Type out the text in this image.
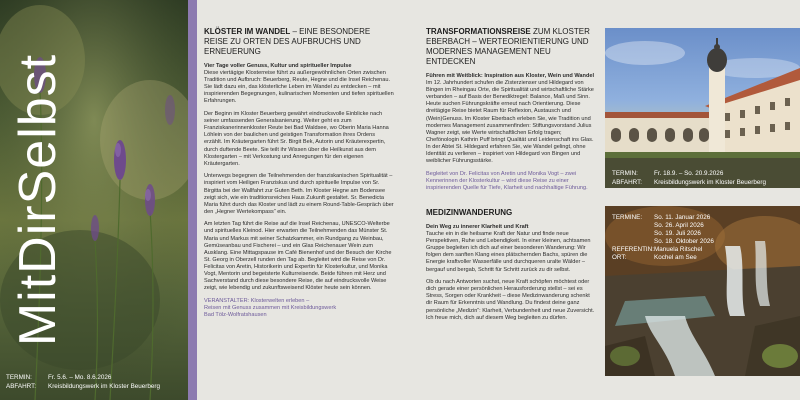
MitDirSelbst
TERMIN:	Fr. 5.6. – Mo. 8.6.2026
ABFAHRT: Kreisbildungswerk im Kloster Beuerberg
KLÖSTER IM WANDEL – EINE BESONDERE REISE ZU ORTEN DES AUFBRUCHS UND ERNEUERUNG

Vier Tage voller Genuss, Kultur und spiritueller Impulse

Diese viertägige Klosterreise führt zu außergewöhnlichen Orten zwischen Tradition und Aufbruch: Beuerberg, Reute, Hegne und die Insel Reichenau. Sie lädt dazu ein, das klösterliche Leben im Wandel zu entdecken – mit inspirierenden Begegnungen, kulinarischen Momenten und tiefen spirituellen Erfahrungen.

Der Beginn im Kloster Beuerberg gewährt eindrucksvolle Einblicke nach seiner umfassenden Generalsanierung. Weiter geht es zum Franziskanerinnenkloster Reute bei Bad Waldsee, wo Oberin Maria Hanna Löhlein von der baulichen und geistigen Transformation ihres Ordens erzählt. Im Kräutergarten führt Sr. Birgit Bek, Autorin und Kräuterexpertin, durch duftende Beete. Sie teilt ihr Wissen über die Heilkunst aus dem Klostergarten – mit Verkostung und Anregungen für den eigenen Kräutergarten.

Unterwegs begegnen die Teilnehmenden der franziskanischen Spiritualität – inspiriert vom Heiligen Franziskus und durch spirituelle Impulse von Sr. Birgitta bei der Wallfahrt zur Guten Beth. Im Kloster Hegne am Bodensee zeigt sich, wie ein traditionsreiches Haus Zukunft gestaltet. Sr. Benedicta Maria führt durch das Kloster und lädt zu einem Round-Table-Gespräch über den „Hegner Wertekompass“ ein.

Am letzten Tag führt die Reise auf die Insel Reichenau, UNESCO-Welterbe und spirituelles Kleinod. Hier erwarten die Teilnehmenden das Münster St. Maria und Markus mit seiner Schatzkammer, ein Rundgang zu Weinbau, Gemüseanbau und Fischerei – und ein Glas Reichenauer Wein zum Ausklang. Eine Mittagspause im Café Bienenhof und der Besuch der Kirche St. Georg in Oberzell runden den Tag ab. Begleitet wird die Reise von Dr. Felicitas von Aretin, Historikerin und Expertin für Klosterkultur, und Monika Vogt, Mentorin und begeisterte Kulturreisende. Beide führen mit Herz und Sachverstand durch diese besondere Reise, die auf eindrucksvolle Weise zeigt, wie lebendig und zukunftsweisend Klöster heute sein können.

VERANSTALTER: Klosterwelten erleben –

Reisen mit Genuss zusammen mit Kreisbildungswerk

Bad Tölz-Wolfratshausen

TRANSFORMATIONSREISE ZUM KLOSTER EBERBACH – WERTEORIENTIERUNG UND MODERNES MANAGEMENT NEU ENTDECKEN

Führen mit Weitblick: Inspiration aus Kloster, Wein und Wandel

Im 12. Jahrhundert schufen die Zisterzienser und Hildegard von Bingen im Rheingau Orte, die Spiritualität und wirtschaftliche Stärke verbanden – auf Basis der Benediktregel: Balance, Maß und Sinn. Heute suchen Führungskräfte erneut nach Orientierung. Diese dreitägige Reise bietet Raum für Reflexion, Austausch und (Wein)Genuss. Im Kloster Eberbach erleben Sie, wie Tradition und modernes Management zusammenfinden: Stiftungsvorstand Julius Wagner zeigt, wie Werte wirtschaftlichen Erfolg tragen; Chefönologin Kathrin Puff bringt Qualität und Leidenschaft ins Glas. In der Abtei St. Hildegard erfahren Sie, wie Wandel gelingt, ohne Identität zu verlieren – inspiriert von Hildegard von Bingen und weiblicher Führungsstärke.

Begleitet von Dr. Felicitas von Aretin und Monika Vogt – zwei Kennerinnen der Klosterkultur – wird diese Reise zu einer inspirierenden Quelle für Tiefe, Klarheit und nachhaltige Führung.

MEDIZINWANDERUNG

Dein Weg zu innerer Klarheit und Kraft

Tauche ein in die heilsame Kraft der Natur und finde neue Perspektiven, Ruhe und Lebendigkeit. In einer kleinen, achtsamen Gruppe begleiten ich dich auf einer besonderen Wanderung: Wir folgen dem sanften Klang eines plätschernden Bachs, spüren die Energie kraftvoller Wasserfälle und durchqueren uralte Wälder – bergauf und bergab, Schritt für Schritt zurück zu dir selbst.

Ob du nach Antworten suchst, neue Kraft schöpfen möchtest oder dich gerade einer persönlichen Herausforderung stellst – sei es Stress, Sorgen oder Krankheit – diese Medizinwanderung schenkt dir Raum für Erkenntnis und Wandlung. Du findest deine ganz persönliche „Medizin“: Klarheit, Verbundenheit und neue Zuversicht. Ich freue mich, dich auf diesem Weg begleiten zu dürfen.

TERMIN:	Fr. 18.9. – So. 20.9.2026
ABFAHRT: Kreisbildungswerk im Kloster Beuerberg
TERMINE: So. 11. Januar 2026
So. 26. April 2026
So. 19. Juli 2026
So. 18. Oktober 2026
REFERENTIN:Manuela Ritschel
ORT:	Kochel am See
